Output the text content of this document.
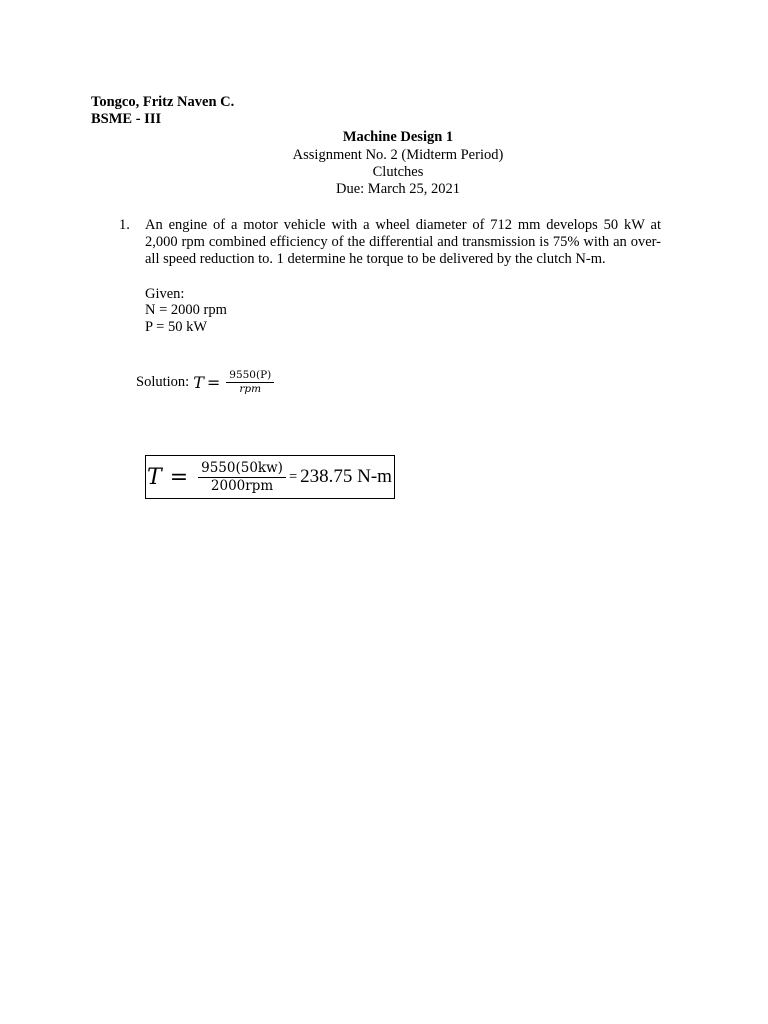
Tongco, Fritz Naven C.
BSME - III
Machine Design 1
Assignment No. 2 (Midterm Period)
Clutches
Due: March 25, 2021
1. An engine of a motor vehicle with a wheel diameter of 712 mm develops 50 kW at 2,000 rpm combined efficiency of the differential and transmission is 75% with an over-all speed reduction to. 1 determine he torque to be delivered by the clutch N-m.
Given:
N = 2000 rpm
P = 50 kW
Solution: $T = \frac{9550(P)}{\text{rpm}}$
$T = \frac{9550(50kw)}{\text{2000rpm}} = 238.75$ N-m
